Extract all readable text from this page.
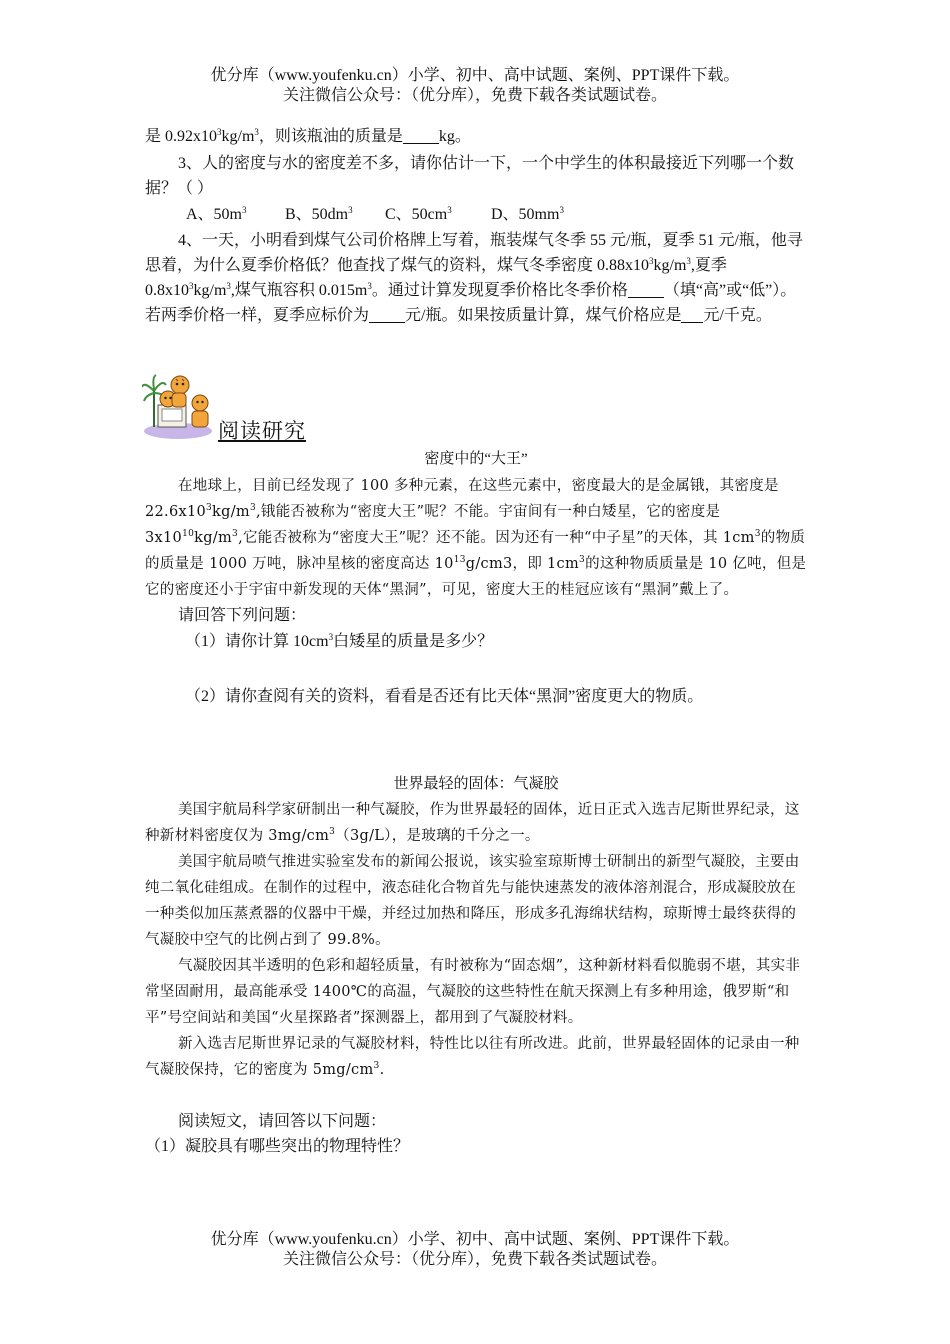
优分库（www.youfenku.cn）小学、初中、高中试题、案例、PPT课件下载。
关注微信公众号：（优分库），免费下载各类试题试卷。

是 $0.92x10^3kg/m^3$，则该瓶油的质量是 kg。

3、人的密度与水的密度差不多，请你估计一下，一个中学生的体积最接近下列哪一个数据？（ ）

A、50m3 B、50dm3 C、50cm3 D、50mm3

4、一天，小明看到煤气公司价格牌上写着，瓶装煤气冬季 55 元/瓶，夏季 51 元/瓶，他寻思着，为什么夏季价格低？他查找了煤气的资料，煤气冬季密度 $0.88x10^3kg/m^3$,夏季 $0.8x10^3kg/m^3$,煤气瓶容积 $0.015m^3$。通过计算发现夏季价格比冬季价格 （填“高”或“低”）。若两季价格一样，夏季应标价为 元/瓶。如果按质量计算，煤气价格应是 元/千克。

阅读研究

密度中的“大王”

在地球上，目前已经发现了 100 多种元素，在这些元素中，密度最大的是金属锇，其密度是 $22.6x10^3kg/m^3$,锇能否被称为“密度大王”呢？不能。宇宙间有一种白矮星，它的密度是 $3x10^{10}kg/m^3$,它能否被称为“密度大王”呢？还不能。因为还有一种“中子星”的天体，其 $1cm^3$的物质的质量是 1000 万吨，脉冲星核的密度高达 $10^{13}g/cm3$，即 $1cm^3$的这种物质质量是 10 亿吨，但是它的密度还小于宇宙中新发现的天体“黑洞”，可见，密度大王的桂冠应该有“黑洞”戴上了。

请回答下列问题：

（1）请你计算 $10cm^3$白矮星的质量是多少？

（2）请你查阅有关的资料，看看是否还有比天体“黑洞”密度更大的物质。

世界最轻的固体：气凝胶

美国宇航局科学家研制出一种气凝胶，作为世界最轻的固体，近日正式入选吉尼斯世界纪录，这种新材料密度仅为 $3mg/cm^3(3g/L)$，是玻璃的千分之一。

美国宇航局喷气推进实验室发布的新闻公报说，该实验室琼斯博士研制出的新型气凝胶，主要由纯二氧化硅组成。在制作的过程中，液态硅化合物首先与能快速蒸发的液体溶剂混合，形成凝胶放在一种类似加压蒸煮器的仪器中干燥，并经过加热和降压，形成多孔海绵状结构，琼斯博士最终获得的气凝胶中空气的比例占到了 99.8%。

气凝胶因其半透明的色彩和超轻质量，有时被称为“固态烟”，这种新材料看似脆弱不堪，其实非常坚固耐用，最高能承受 1400℃的高温，气凝胶的这些特性在航天探测上有多种用途，俄罗斯“和平”号空间站和美国“火星探路者”探测器上，都用到了气凝胶材料。

新入选吉尼斯世界记录的气凝胶材料，特性比以往有所改进。此前，世界最轻固体的记录由一种气凝胶保持，它的密度为 $5mg/cm^3$.

阅读短文，请回答以下问题：

（1）凝胶具有哪些突出的物理特性？

优分库（www.youfenku.cn）小学、初中、高中试题、案例、PPT课件下载。
关注微信公众号：（优分库），免费下载各类试题试卷。
